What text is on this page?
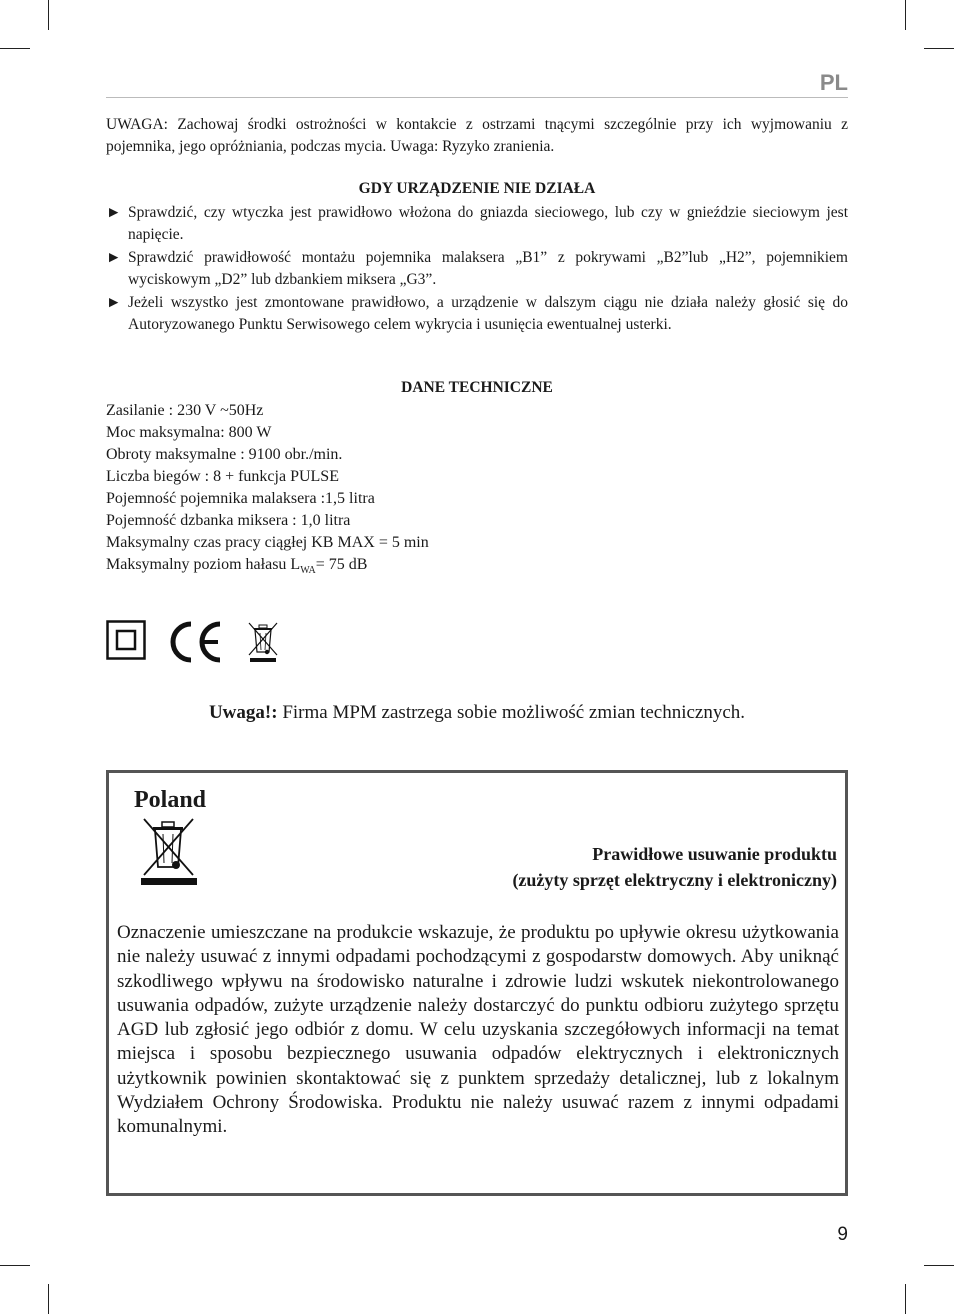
PL
UWAGA: Zachowaj środki ostrożności w kontakcie z ostrzami tnącymi szczególnie przy ich wyjmowaniu z pojemnika, jego opróżniania, podczas mycia. Uwaga: Ryzyko zranienia.
GDY URZĄDZENIE NIE DZIAŁA
► Sprawdzić, czy wtyczka jest prawidłowo włożona do gniazda sieciowego, lub czy w gnieździe sieciowym jest napięcie.
► Sprawdzić prawidłowość montażu pojemnika malaksera „B1” z pokrywami „B2”lub „H2”, pojemnikiem wyciskowym „D2” lub dzbankiem miksera „G3”.
► Jeżeli wszystko jest zmontowane prawidłowo, a urządzenie w dalszym ciągu nie działa należy głosić się do Autoryzowanego Punktu Serwisowego celem wykrycia i usunięcia ewentualnej usterki.
DANE TECHNICZNE
Zasilanie : 230 V ~50Hz
Moc maksymalna: 800 W
Obroty maksymalne : 9100 obr./min.
Liczba biegów : 8 + funkcja PULSE
Pojemność pojemnika malaksera :1,5 litra
Pojemność dzbanka miksera : 1,0 litra
Maksymalny czas pracy ciągłej KB MAX = 5 min
Maksymalny poziom hałasu $L_{WA}= 75$ dB
Uwaga!: Firma MPM zastrzega sobie możliwość zmian technicznych.
Poland
Prawidłowe usuwanie produktu
(zużyty sprzęt elektryczny i elektroniczny)
Oznaczenie umieszczane na produkcie wskazuje, że produktu po upływie okresu użytkowania nie należy usuwać z innymi odpadami pochodzącymi z gospodarstw domowych. Aby uniknąć szkodliwego wpływu na środowisko naturalne i zdrowie ludzi wskutek niekontrolowanego usuwania odpadów, zużyte urządzenie należy dostarczyć do punktu odbioru zużytego sprzętu AGD lub zgłosić jego odbiór z domu. W celu uzyskania szczegółowych informacji na temat miejsca i sposobu bezpiecznego usuwania odpadów elektrycznych i elektronicznych użytkownik powinien skontaktować się z punktem sprzedaży detalicznej, lub z lokalnym Wydziałem Ochrony Środowiska. Produktu nie należy usuwać razem z innymi odpadami komunalnymi.
9
